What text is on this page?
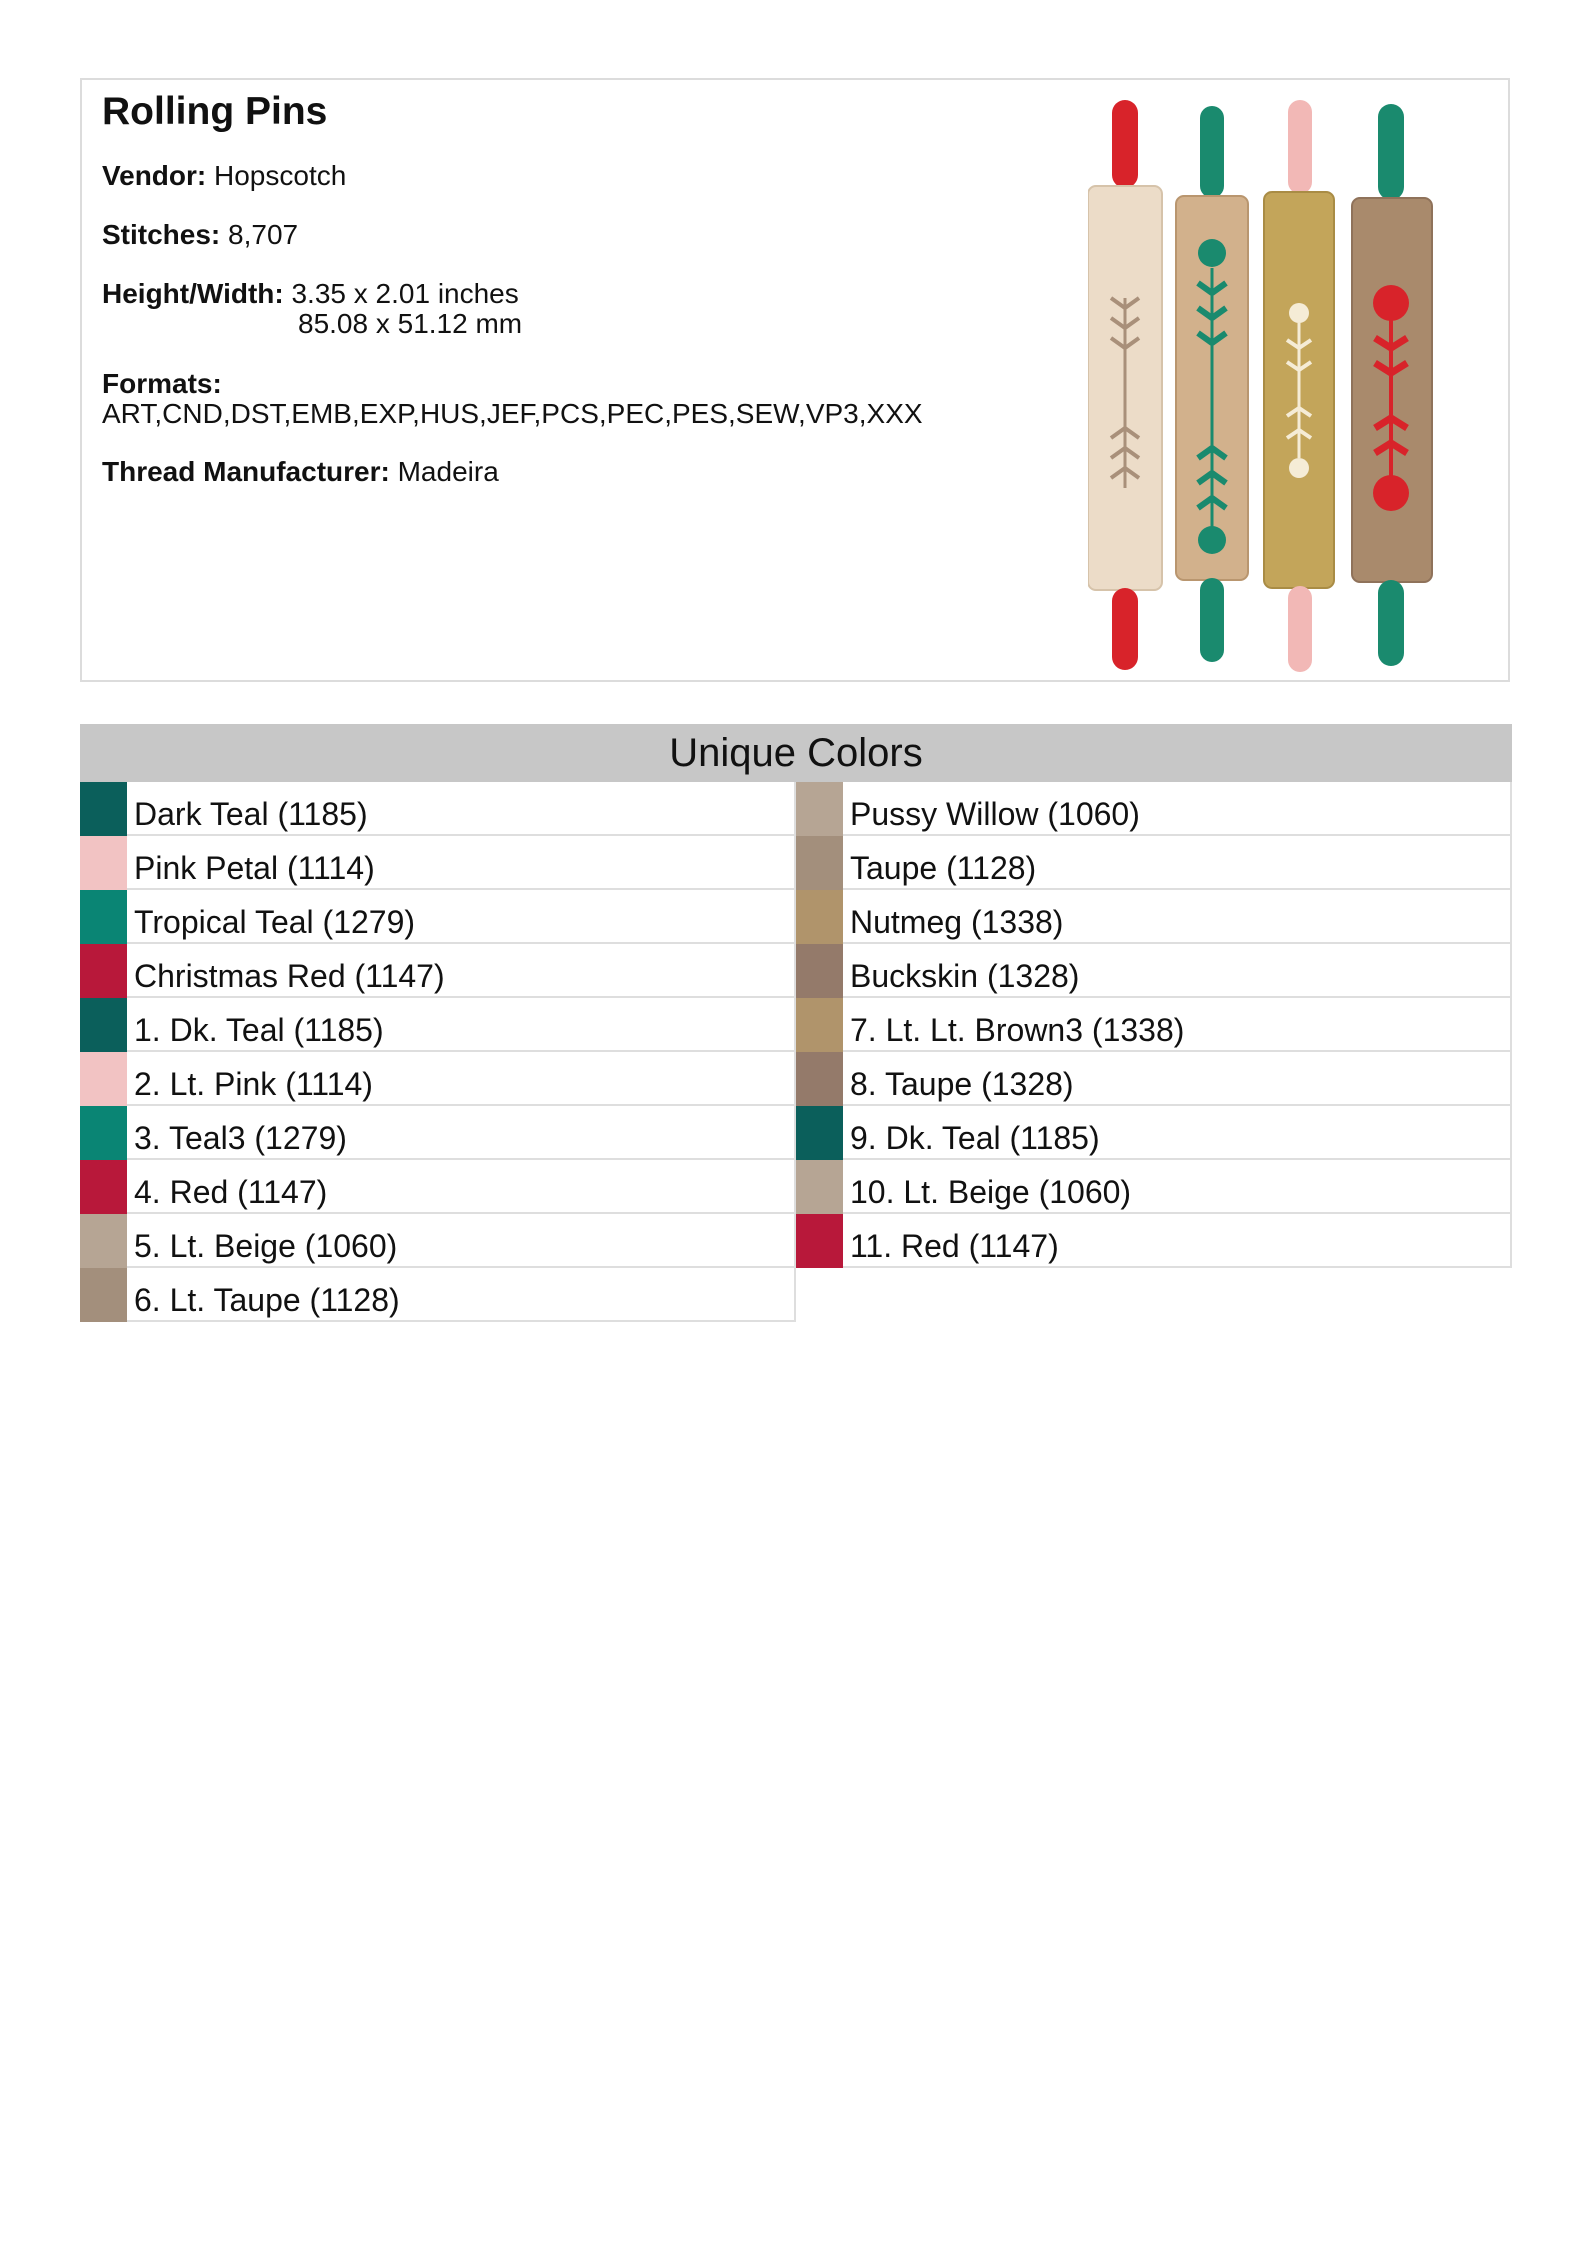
Rolling Pins
Vendor: Hopscotch
Stitches: 8,707
Height/Width: 3.35 x 2.01 inches
85.08 x 51.12 mm
Formats:
ART,CND,DST,EMB,EXP,HUS,JEF,PCS,PEC,PES,SEW,VP3,XXX
Thread Manufacturer: Madeira
Unique Colors
Dark Teal (1185)
Pink Petal (1114)
Tropical Teal (1279)
Christmas Red (1147)
1. Dk. Teal (1185)
2. Lt. Pink (1114)
3. Teal3 (1279)
4. Red (1147)
5. Lt. Beige (1060)
6. Lt. Taupe (1128)
Pussy Willow (1060)
Taupe (1128)
Nutmeg (1338)
Buckskin (1328)
7. Lt. Lt. Brown3 (1338)
8. Taupe (1328)
9. Dk. Teal (1185)
10. Lt. Beige (1060)
11. Red (1147)
